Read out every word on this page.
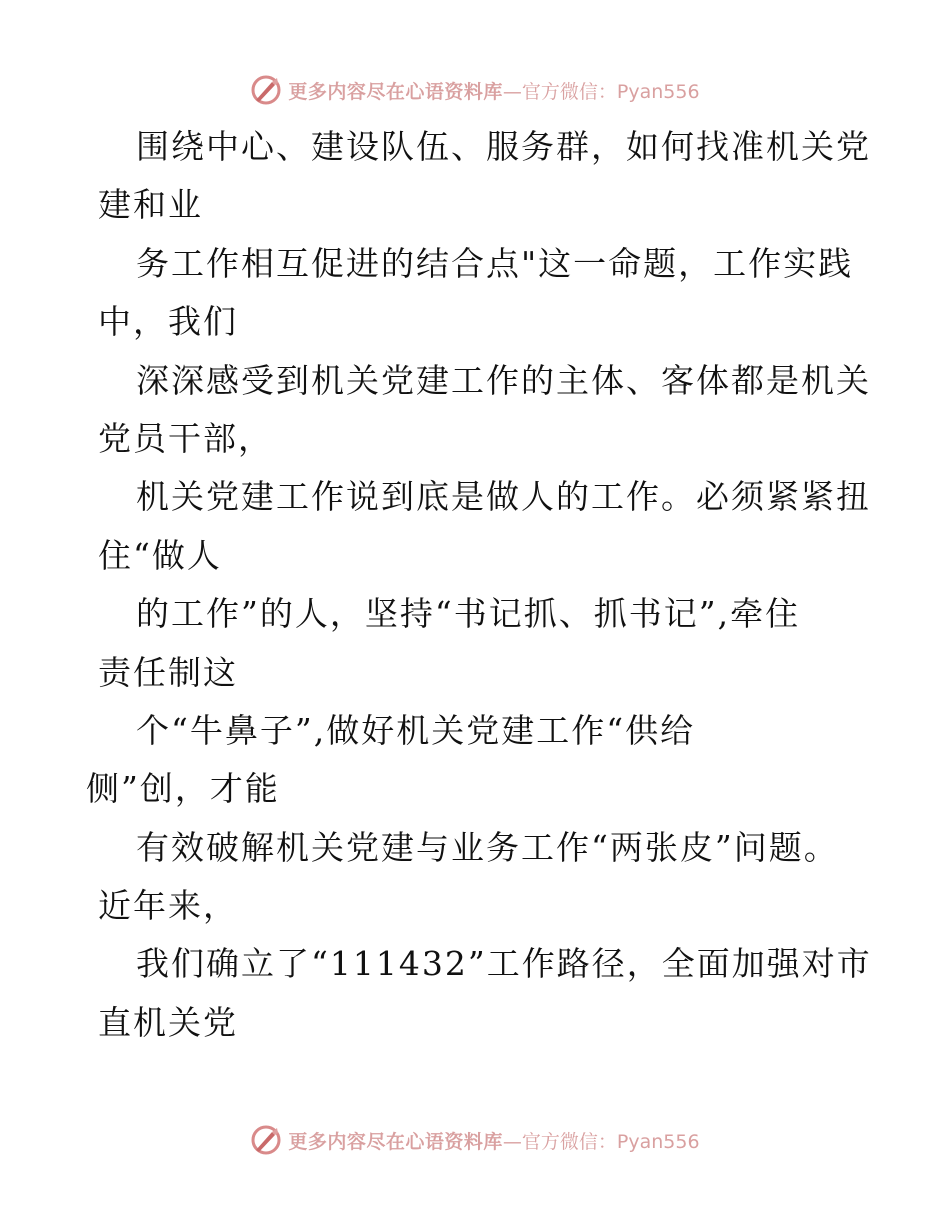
更多内容尽在心语资料库 —官方微信：Pyan556
围绕中心、建设队伍、服务群，如何找准机关党
建和业
务工作相互促进的结合点"这一命题，工作实践
中，我们
深深感受到机关党建工作的主体、客体都是机关
党员干部，
机关党建工作说到底是做人的工作。必须紧紧扭
住“做人
的工作”的人，坚持“书记抓、抓书记”,牵住
责任制这
个“牛鼻子”,做好机关党建工作“供给
侧”创，才能
有效破解机关党建与业务工作“两张皮”问题。
近年来，
我们确立了“111432”工作路径，全面加强对市
直机关党
更多内容尽在心语资料库 —官方微信：Pyan556
